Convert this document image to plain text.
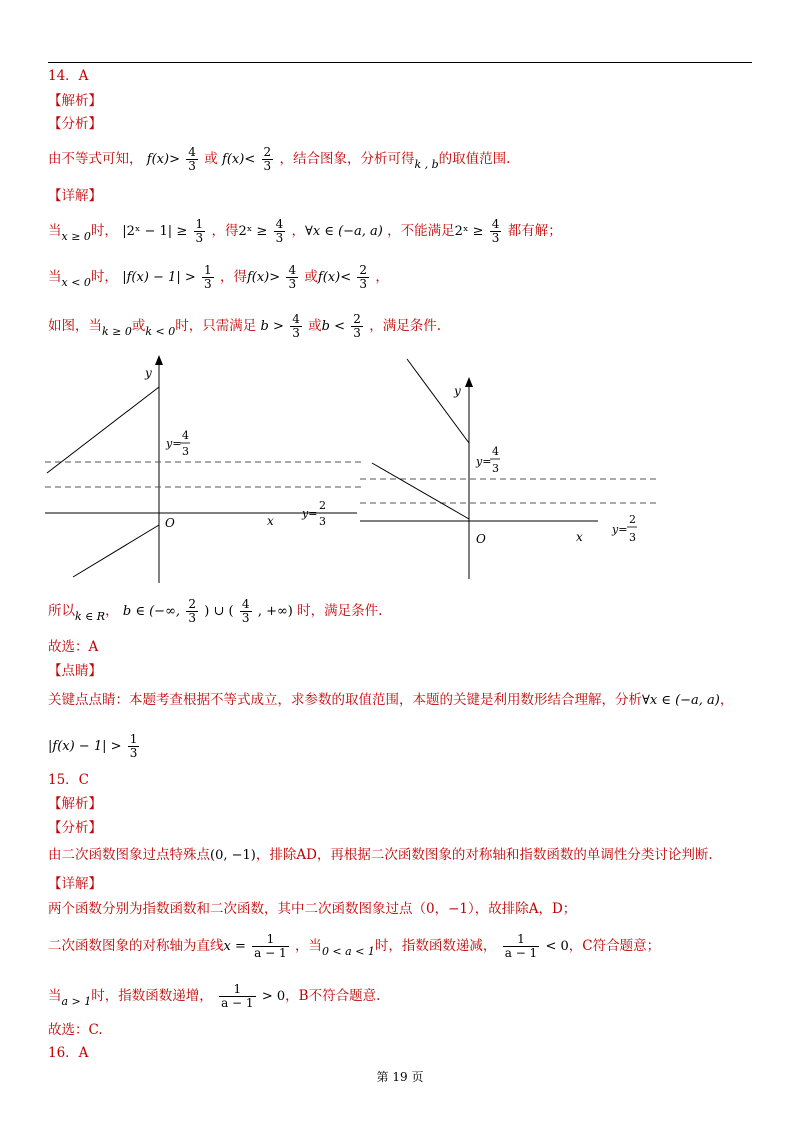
14．A
【解析】
【分析】
由不等式可知， $f(x)> \frac{4}{3}$ 或 $f(x)< \frac{2}{3}$ ，结合图象，分析可得$_{k , b}$的取值范围.
【详解】
当$_{x \ge 0}$时， |2ˣ − $1| \ge \frac{1}{3}$ ，得2ˣ ≥ $\frac{4}{3}$ ，∀x ∈ (−a, a) ，不能满足2ˣ ≥ $\frac{4}{3}$ 都有解；
当$_{x < 0}$时， $|f(x) - 1| > \frac{1}{3}$ ，得$f(x)> \frac{4}{3}$ 或$f(x)< \frac{2}{3}$ ，
如图，当$_{k \ge 0}$或$_{k < 0}$时，只需满足 $b > \frac{4}{3}$ 或$b < \frac{2}{3}$ ，满足条件.
y
x
O
y=
4
3
y=
2
3
y
x
O
y=
4
3
y=
2
3
所以$_{k \in R}$， b ∈ (−∞, $\frac{2}{3}$ ) ∪ ( $\frac{4}{3}$ , +∞) 时，满足条件.
故选：A
【点睛】
关键点点睛：本题考查根据不等式成立，求参数的取值范围，本题的关键是利用数形结合理解，分析∀x ∈ (−a, a)，
$|f(x) - 1| > \frac{1}{3}$
15．C
【解析】
【分析】
由二次函数图象过点特殊点(0, −1)，排除AD，再根据二次函数图象的对称轴和指数函数的单调性分类讨论判断.
【详解】
两个函数分别为指数函数和二次函数，其中二次函数图象过点（0，−1），故排除A，D；
二次函数图象的对称轴为直线$x = \frac{1}{a - 1}$ ，当$_{0 < a < 1}$时，指数函数递减， $\frac{1}{a - 1} < 0$，C符合题意；
当$_{a > 1}$时，指数函数递增， $\frac{1}{a - 1} > 0$，B不符合题意.
故选：C.
16．A
第 19 页
